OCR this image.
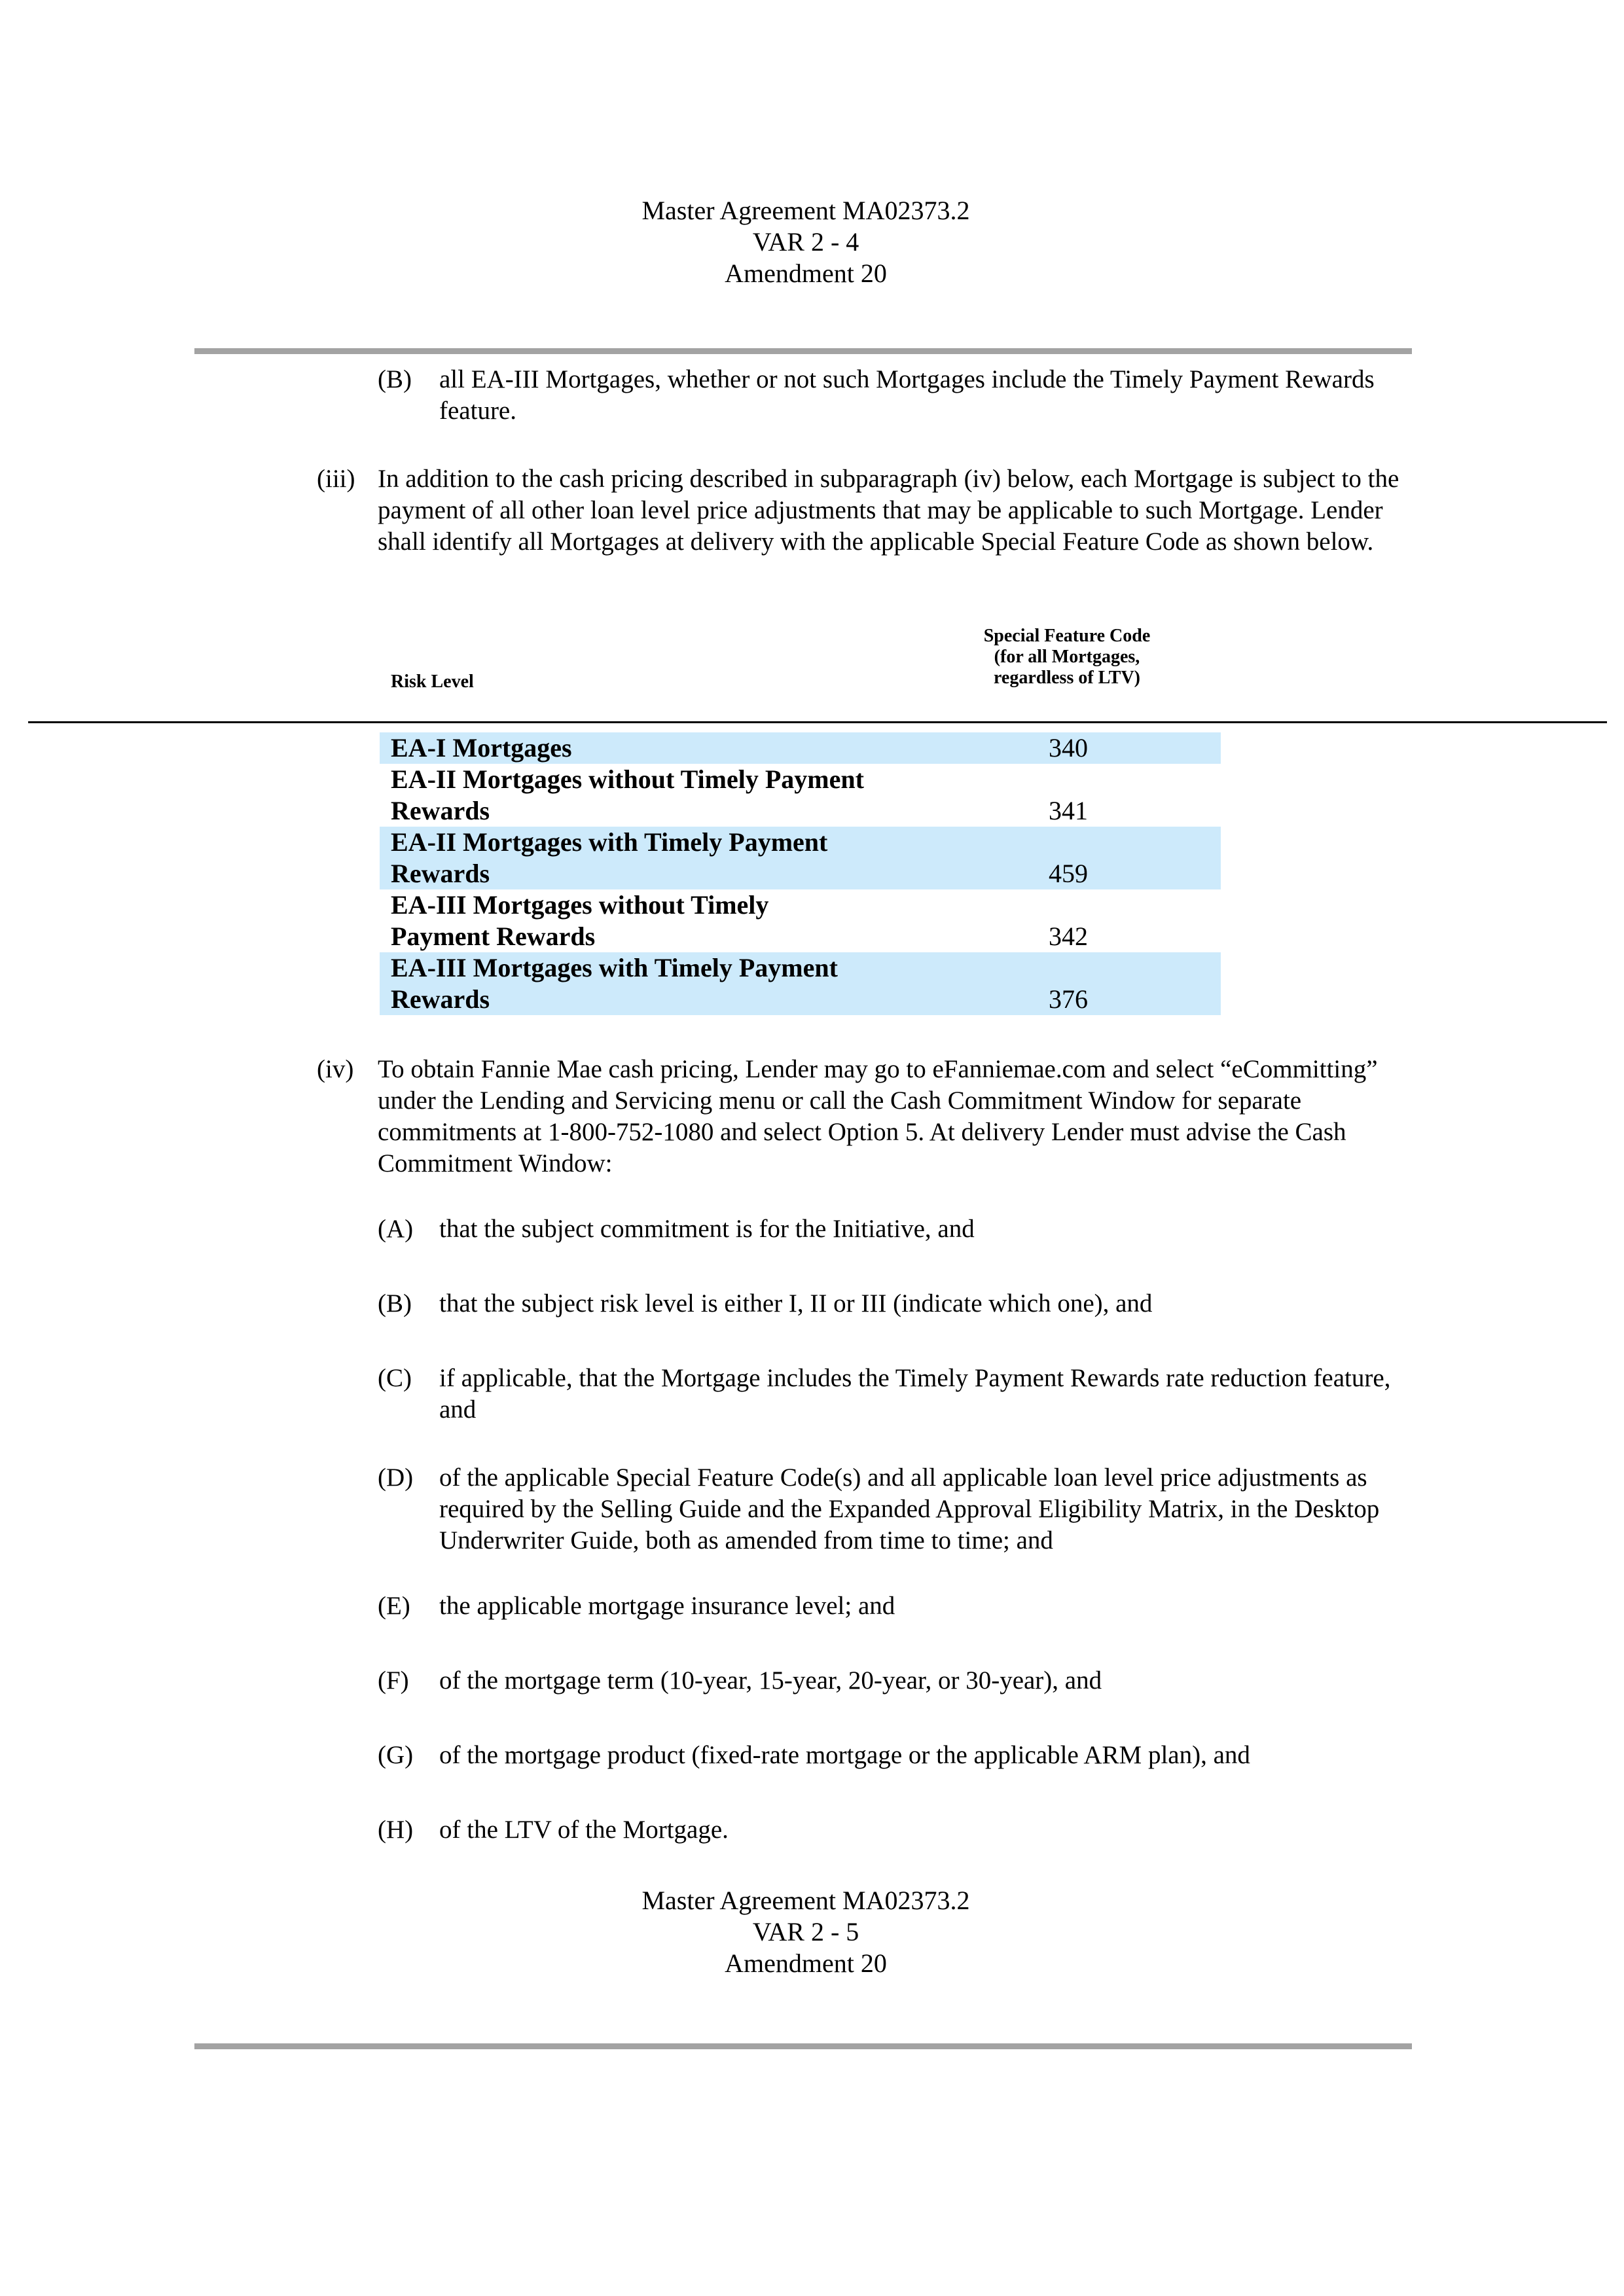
Master Agreement MA02373.2
VAR 2 - 4
Amendment 20
(B) all EA-III Mortgages, whether or not such Mortgages include the Timely Payment Rewards feature.
(iii) In addition to the cash pricing described in subparagraph (iv) below, each Mortgage is subject to the payment of all other loan level price adjustments that may be applicable to such Mortgage. Lender shall identify all Mortgages at delivery with the applicable Special Feature Code as shown below.
Risk Level
Special Feature Code
(for all Mortgages,
regardless of LTV)
EA-I Mortgages	340
EA-II Mortgages without Timely Payment
Rewards	341
EA-II Mortgages with Timely Payment
Rewards	459
EA-III Mortgages without Timely
Payment Rewards	342
EA-III Mortgages with Timely Payment
Rewards	376
(iv) To obtain Fannie Mae cash pricing, Lender may go to eFanniemae.com and select “eCommitting” under the Lending and Servicing menu or call the Cash Commitment Window for separate commitments at 1-800-752-1080 and select Option 5. At delivery Lender must advise the Cash Commitment Window:
(A) that the subject commitment is for the Initiative, and
(B) that the subject risk level is either I, II or III (indicate which one), and
(C) if applicable, that the Mortgage includes the Timely Payment Rewards rate reduction feature, and
(D) of the applicable Special Feature Code(s) and all applicable loan level price adjustments as required by the Selling Guide and the Expanded Approval Eligibility Matrix, in the Desktop Underwriter Guide, both as amended from time to time; and
(E) the applicable mortgage insurance level; and
(F) of the mortgage term (10-year, 15-year, 20-year, or 30-year), and
(G) of the mortgage product (fixed-rate mortgage or the applicable ARM plan), and
(H) of the LTV of the Mortgage.
Master Agreement MA02373.2
VAR 2 - 5
Amendment 20
